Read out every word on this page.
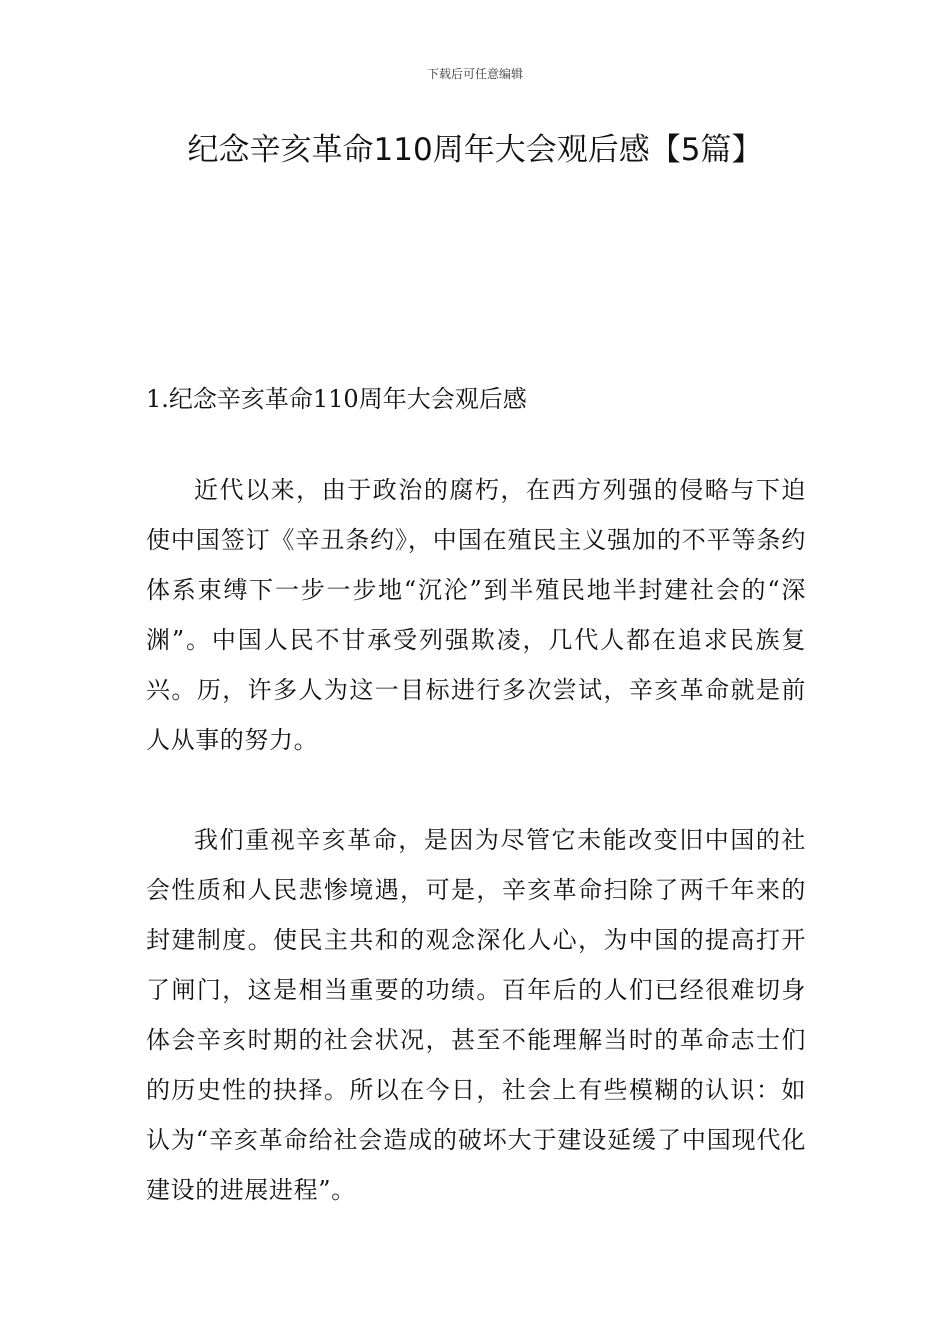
下载后可任意编辑
纪念辛亥革命110周年大会观后感【5篇】
1.纪念辛亥革命110周年大会观后感

近代以来，由于政治的腐朽，在西方列强的侵略与下迫使中国签订《辛丑条约》，中国在殖民主义强加的不平等条约体系束缚下一步一步地“沉沦”到半殖民地半封建社会的“深渊”。中国人民不甘承受列强欺凌，几代人都在追求民族复兴。历，许多人为这一目标进行多次尝试，辛亥革命就是前人从事的努力。

我们重视辛亥革命，是因为尽管它未能改变旧中国的社会性质和人民悲惨境遇，可是，辛亥革命扫除了两千年来的封建制度。使民主共和的观念深化人心，为中国的提高打开了闸门，这是相当重要的功绩。百年后的人们已经很难切身体会辛亥时期的社会状况，甚至不能理解当时的革命志士们的历史性的抉择。所以在今日，社会上有些模糊的认识：如认为“辛亥革命给社会造成的破坏大于建设延缓了中国现代化建设的进展进程”。
